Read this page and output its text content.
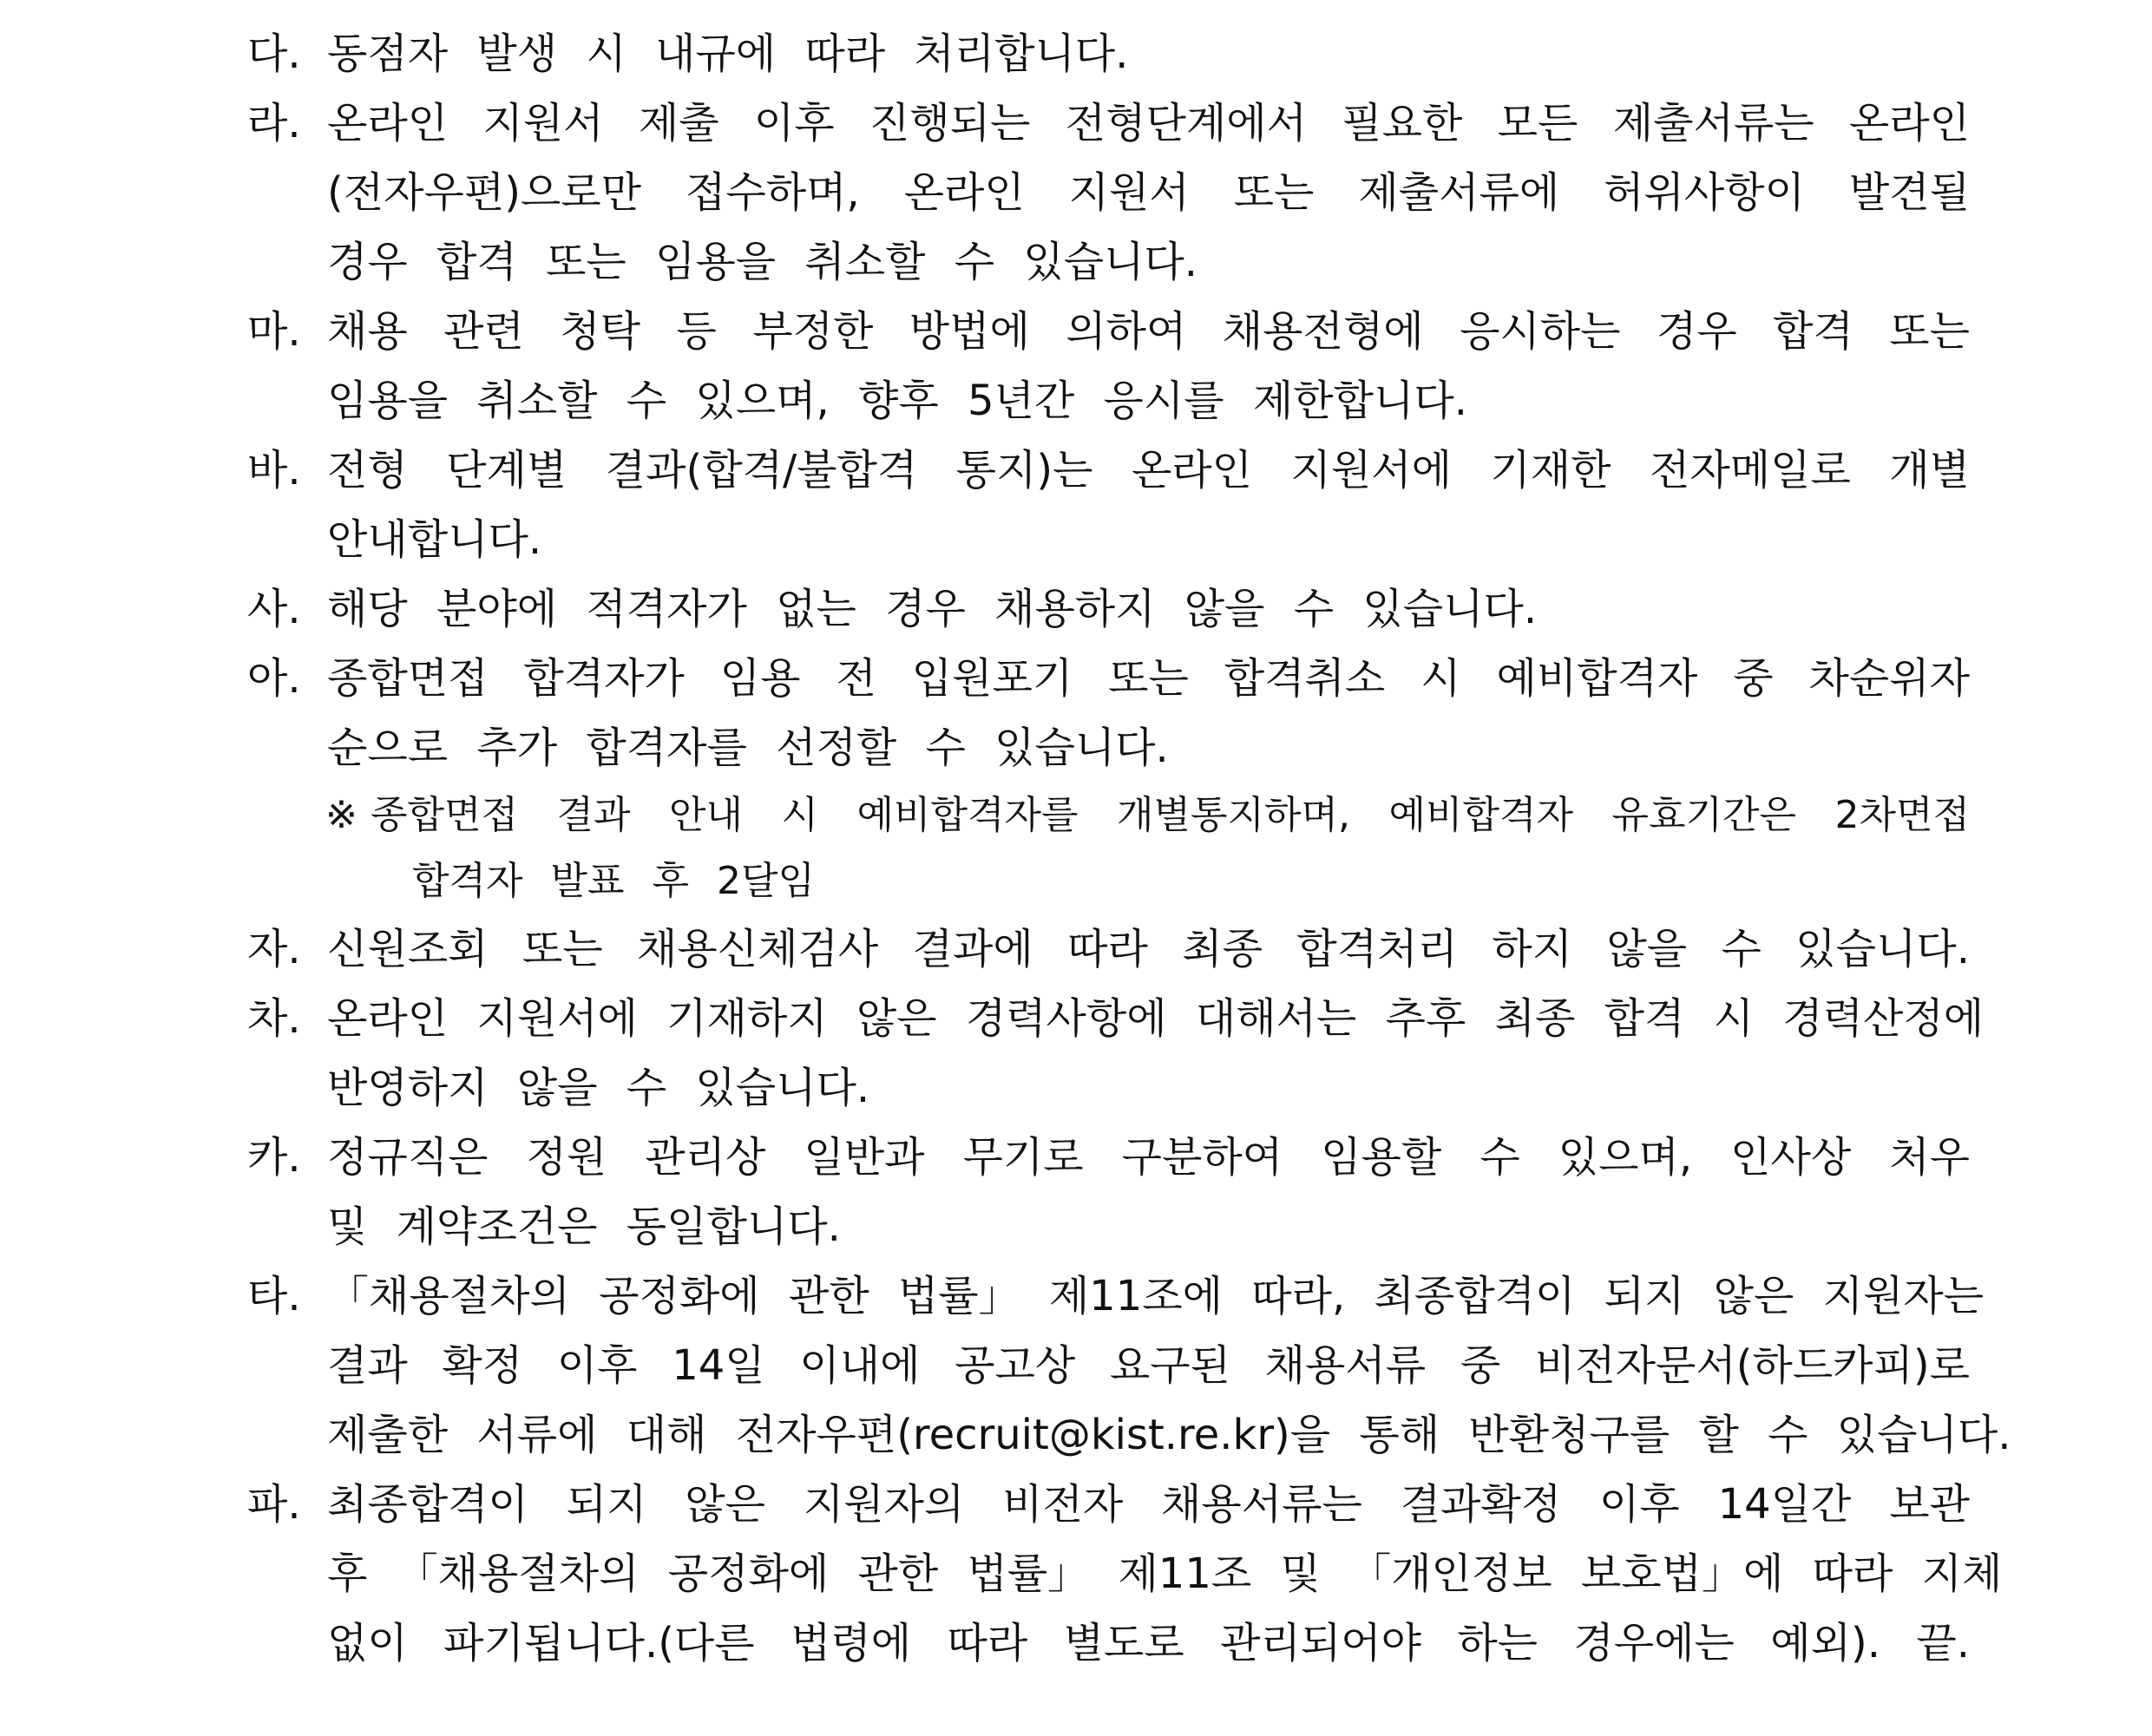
다. 동점자 발생 시 내규에 따라 처리합니다.
라. 온라인 지원서 제출 이후 진행되는 전형단계에서 필요한 모든 제출서류는 온라인
(전자우편)으로만 접수하며, 온라인 지원서 또는 제출서류에 허위사항이 발견될
경우 합격 또는 임용을 취소할 수 있습니다.
마. 채용 관련 청탁 등 부정한 방법에 의하여 채용전형에 응시하는 경우 합격 또는
임용을 취소할 수 있으며, 향후 5년간 응시를 제한합니다.
바. 전형 단계별 결과(합격/불합격 통지)는 온라인 지원서에 기재한 전자메일로 개별
안내합니다.
사. 해당 분야에 적격자가 없는 경우 채용하지 않을 수 있습니다.
아. 종합면접 합격자가 임용 전 입원포기 또는 합격취소 시 예비합격자 중 차순위자
순으로 추가 합격자를 선정할 수 있습니다.
※ 종합면접 결과 안내 시 예비합격자를 개별통지하며, 예비합격자 유효기간은 2차면접
합격자 발표 후 2달임
자. 신원조회 또는 채용신체검사 결과에 따라 최종 합격처리 하지 않을 수 있습니다.
차. 온라인 지원서에 기재하지 않은 경력사항에 대해서는 추후 최종 합격 시 경력산정에
반영하지 않을 수 있습니다.
카. 정규직은 정원 관리상 일반과 무기로 구분하여 임용할 수 있으며, 인사상 처우
및 계약조건은 동일합니다.
타. 「채용절차의 공정화에 관한 법률」 제11조에 따라, 최종합격이 되지 않은 지원자는
결과 확정 이후 14일 이내에 공고상 요구된 채용서류 중 비전자문서(하드카피)로
제출한 서류에 대해 전자우편(recruit@kist.re.kr)을 통해 반환청구를 할 수 있습니다.
파. 최종합격이 되지 않은 지원자의 비전자 채용서류는 결과확정 이후 14일간 보관
후 「채용절차의 공정화에 관한 법률」 제11조 및 「개인정보 보호법」에 따라 지체
없이 파기됩니다.(다른 법령에 따라 별도로 관리되어야 하는 경우에는 예외). 끝.
